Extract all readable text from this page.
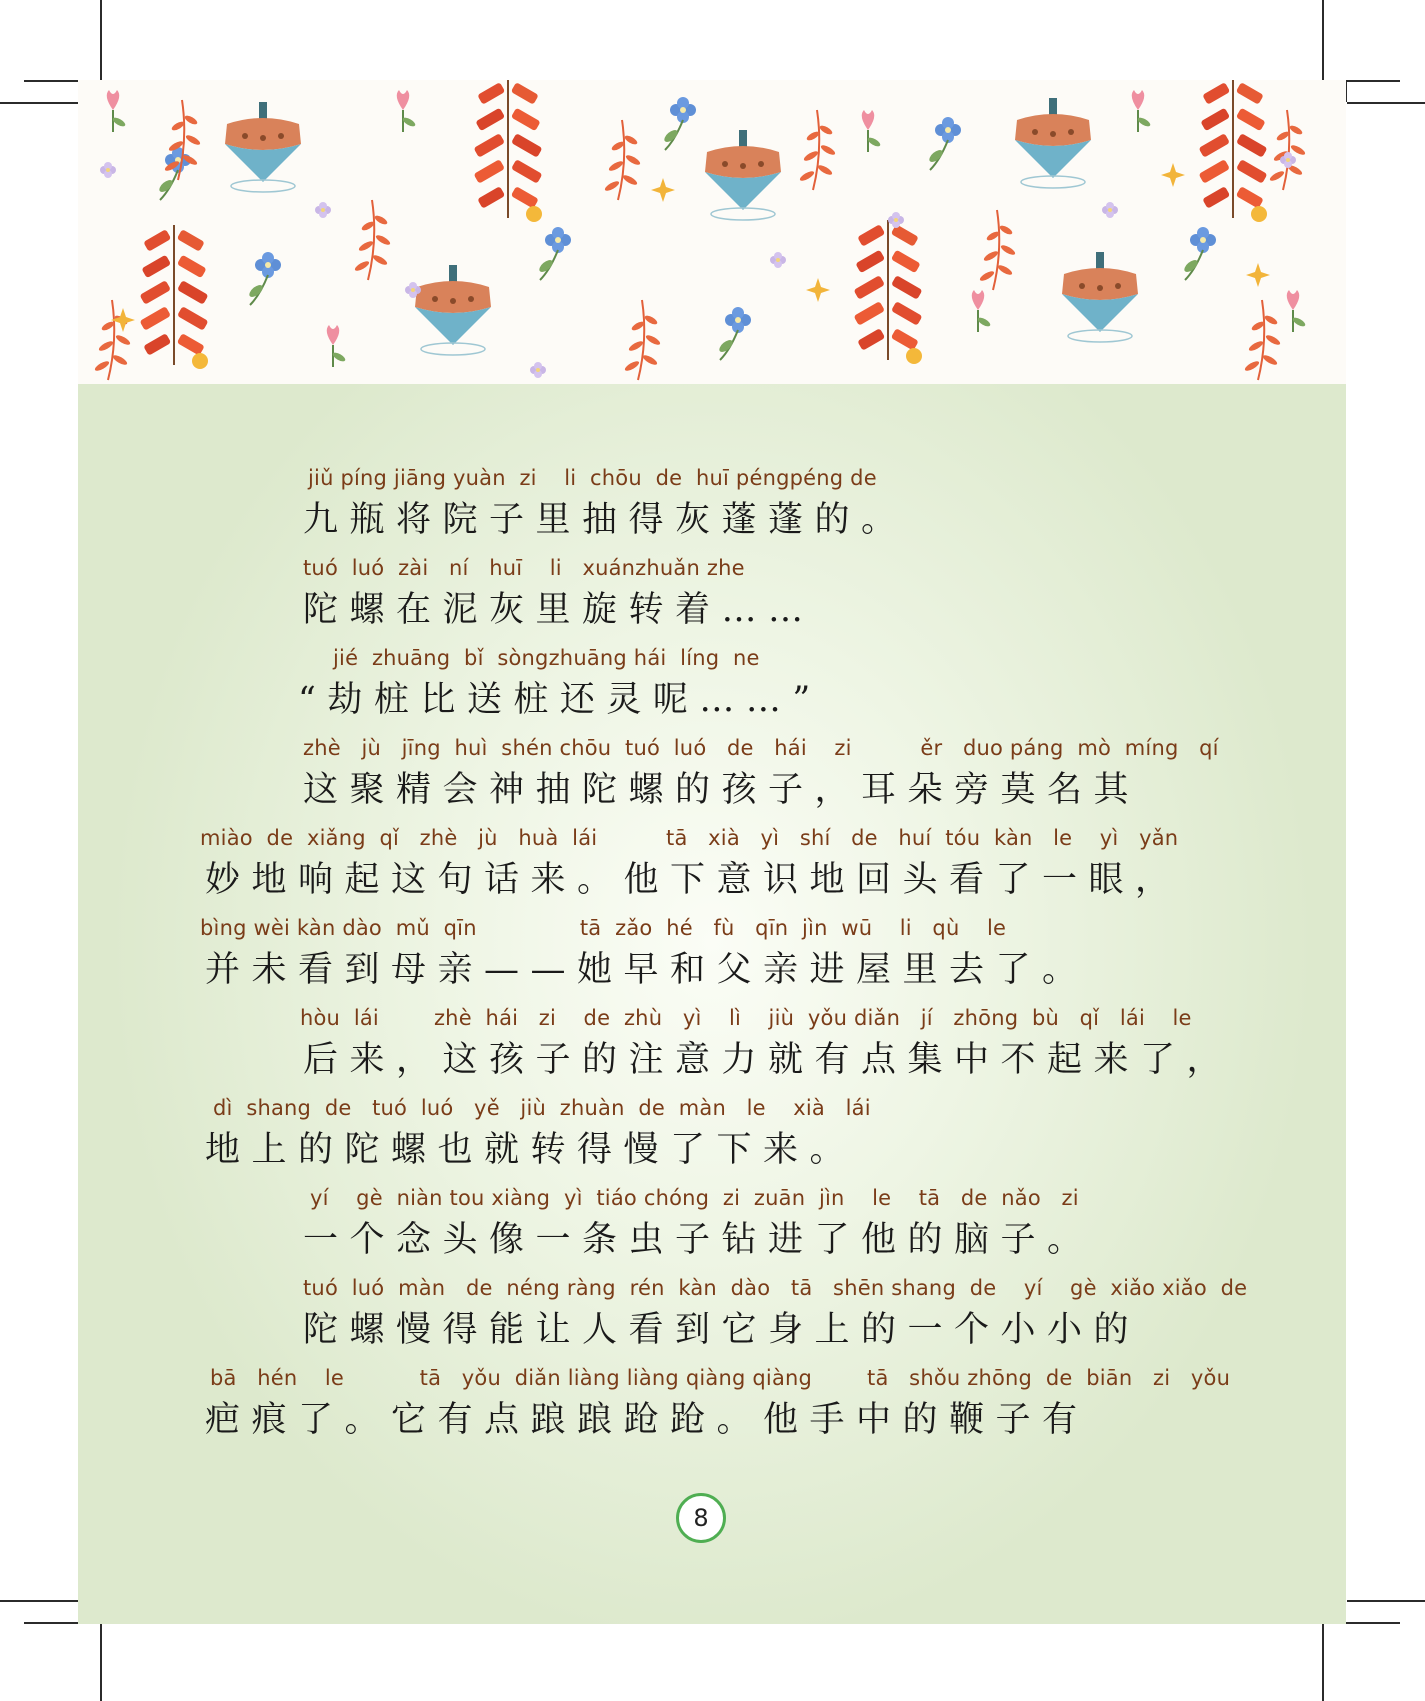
jiǔ píng jiāng yuàn  zi    li  chōu  de  huī péngpéng de
九瓶将院子里抽得灰蓬蓬的。
tuó  luó  zài   ní   huī    li   xuánzhuǎn zhe
陀螺在泥灰里旋转着……
jié  zhuāng  bǐ  sòngzhuāng hái  líng  ne
“劫桩比送桩还灵呢……”
zhè   jù   jīng  huì  shén chōu  tuó  luó   de   hái    zi          ěr   duo páng  mò  míng   qí
这聚精会神抽陀螺的孩子，耳朵旁莫名其
miào  de  xiǎng  qǐ   zhè   jù   huà  lái          tā   xià   yì   shí   de   huí  tóu  kàn   le    yì   yǎn
妙地响起这句话来。他下意识地回头看了一眼，
bìng wèi kàn dào  mǔ  qīn               tā  zǎo  hé   fù   qīn  jìn  wū    li   qù    le
并未看到母亲——她早和父亲进屋里去了。
hòu  lái        zhè  hái   zi    de  zhù   yì    lì    jiù  yǒu diǎn   jí   zhōng  bù   qǐ   lái    le
后来，这孩子的注意力就有点集中不起来了，
dì  shang  de   tuó  luó   yě   jiù  zhuàn  de  màn   le    xià   lái
地上的陀螺也就转得慢了下来。
yí    gè  niàn tou xiàng  yì  tiáo chóng  zi  zuān  jìn    le    tā   de  nǎo   zi
一个念头像一条虫子钻进了他的脑子。
tuó  luó  màn   de  néng ràng  rén  kàn  dào   tā   shēn shang  de    yí    gè  xiǎo xiǎo  de
陀螺慢得能让人看到它身上的一个小小的
bā   hén    le           tā   yǒu  diǎn liàng liàng qiàng qiàng        tā   shǒu zhōng  de  biān   zi   yǒu
疤痕了。它有点踉踉跄跄。他手中的鞭子有
8
